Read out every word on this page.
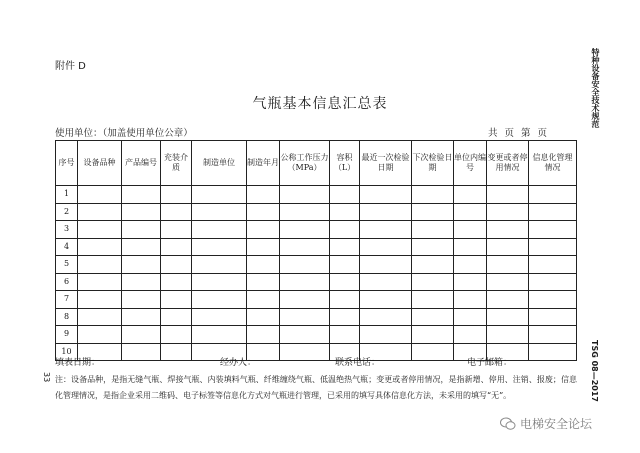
附件 D
气瓶基本信息汇总表
使用单位：（加盖使用单位公章）	共 页 第 页
特种设备安全技术规范
TSG 08—2017
33
序号	设备品种	产品编号	充装介质	制造单位	制造年月	公称工作压力（MPa）	容积（L）	最近一次检验日期	下次检验日期	单位内编号	变更或者停用情况	信息化管理情况
1												
2												
3												
4												
5												
6												
7												
8												
9												
10												
填表日期：	经办人：	联系电话：	电子邮箱：
注：设备品种，是指无缝气瓶、焊接气瓶、内装填料气瓶、纤维缠绕气瓶、低温绝热气瓶；变更或者停用情况，是指新增、停用、注销、报废；信息化管理情况，是指企业采用二维码、电子标签等信息化方式对气瓶进行管理，已采用的填写具体信息化方法，未采用的填写“无”。
电梯安全论坛
